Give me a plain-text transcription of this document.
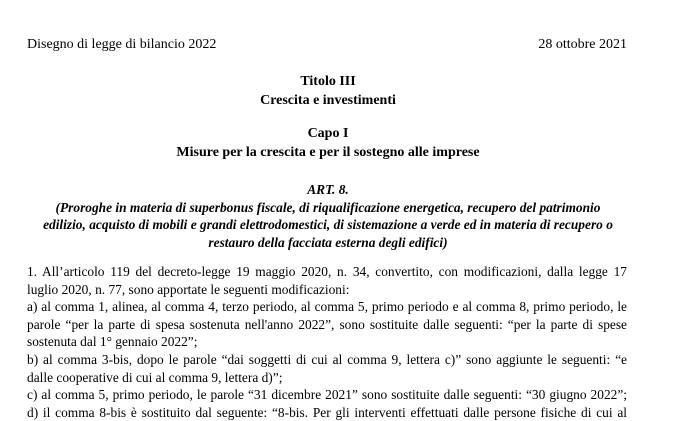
Disegno di legge di bilancio 2022	28 ottobre 2021
Titolo III
Crescita e investimenti
Capo I
Misure per la crescita e per il sostegno alle imprese
ART. 8.
(Proroghe in materia di superbonus fiscale, di riqualificazione energetica, recupero del patrimonio edilizio, acquisto di mobili e grandi elettrodomestici, di sistemazione a verde ed in materia di recupero o restauro della facciata esterna degli edifici)
1. All’articolo 119 del decreto-legge 19 maggio 2020, n. 34, convertito, con modificazioni, dalla legge 17
luglio 2020, n. 77, sono apportate le seguenti modificazioni:
a) al comma 1, alinea, al comma 4, terzo periodo, al comma 5, primo periodo e al comma 8, primo periodo, le
parole “per la parte di spesa sostenuta nell'anno 2022”, sono sostituite dalle seguenti: “per la parte di spese
sostenuta dal 1° gennaio 2022”;
b) al comma 3-bis, dopo le parole “dai soggetti di cui al comma 9, lettera c)” sono aggiunte le seguenti: “e
dalle cooperative di cui al comma 9, lettera d)”;
c) al comma 5, primo periodo, le parole “31 dicembre 2021” sono sostituite dalle seguenti: “30 giugno 2022”;
d) il comma 8-bis è sostituito dal seguente: “8-bis. Per gli interventi effettuati dalle persone fisiche di cui al
